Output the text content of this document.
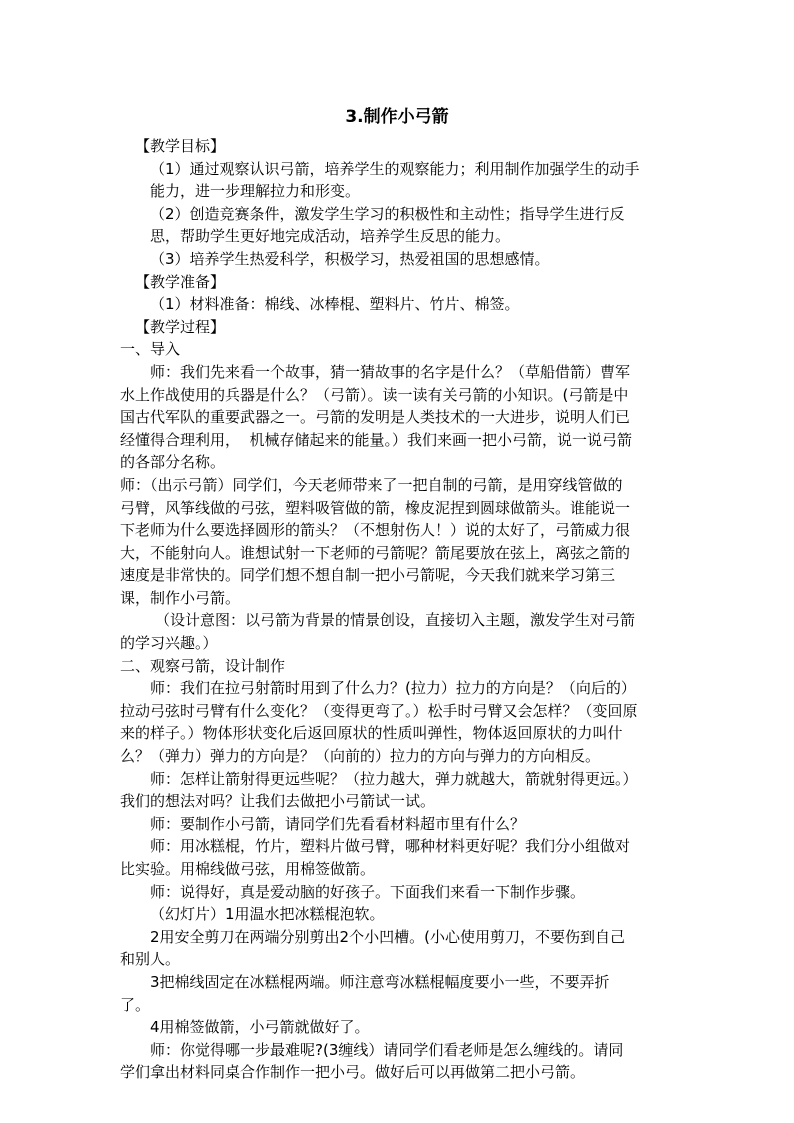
3.制作小弓箭
【教学目标】
（1）通过观察认识弓箭，培养学生的观察能力；利用制作加强学生的动手
能力，进一步理解拉力和形变。
（2）创造竞赛条件，激发学生学习的积极性和主动性；指导学生进行反
思，帮助学生更好地完成活动，培养学生反思的能力。
（3）培养学生热爱科学，积极学习，热爱祖国的思想感情。
【教学准备】
（1）材料准备：棉线、冰棒棍、塑料片、竹片、棉签。
【教学过程】
一、导入
师：我们先来看一个故事，猜一猜故事的名字是什么？（草船借箭）曹军
水上作战使用的兵器是什么？（弓箭）。读一读有关弓箭的小知识。(弓箭是中
国古代军队的重要武器之一。弓箭的发明是人类技术的一大进步，说明人们已
经懂得合理利用，  机械存储起来的能量。）我们来画一把小弓箭，说一说弓箭
的各部分名称。
师：（出示弓箭）同学们，今天老师带来了一把自制的弓箭，是用穿线管做的
弓臂，风筝线做的弓弦，塑料吸管做的箭，橡皮泥捏到圆球做箭头。谁能说一
下老师为什么要选择圆形的箭头？（不想射伤人！）说的太好了，弓箭威力很
大，不能射向人。谁想试射一下老师的弓箭呢？箭尾要放在弦上，离弦之箭的
速度是非常快的。同学们想不想自制一把小弓箭呢，今天我们就来学习第三
课，制作小弓箭。
（设计意图：以弓箭为背景的情景创设，直接切入主题，激发学生对弓箭
的学习兴趣。）
二、观察弓箭，设计制作
师：我们在拉弓射箭时用到了什么力？(拉力）拉力的方向是？（向后的）
拉动弓弦时弓臂有什么变化？（变得更弯了。）松手时弓臂又会怎样？（变回原
来的样子。）物体形状变化后返回原状的性质叫弹性，物体返回原状的力叫什
么？（弹力）弹力的方向是？（向前的）拉力的方向与弹力的方向相反。
师：怎样让箭射得更远些呢？（拉力越大，弹力就越大，箭就射得更远。）
我们的想法对吗？让我们去做把小弓箭试一试。
师：要制作小弓箭，请同学们先看看材料超市里有什么？
师：用冰糕棍，竹片，塑料片做弓臂，哪种材料更好呢？我们分小组做对
比实验。用棉线做弓弦，用棉签做箭。
师：说得好，真是爱动脑的好孩子。下面我们来看一下制作步骤。
（幻灯片）1用温水把冰糕棍泡软。
2用安全剪刀在两端分别剪出2个小凹槽。(小心使用剪刀，不要伤到自己
和别人。
3把棉线固定在冰糕棍两端。师注意弯冰糕棍幅度要小一些，不要弄折
了。
4用棉签做箭，小弓箭就做好了。
师：你觉得哪一步最难呢?(3缠线）请同学们看老师是怎么缠线的。请同
学们拿出材料同桌合作制作一把小弓。做好后可以再做第二把小弓箭。
